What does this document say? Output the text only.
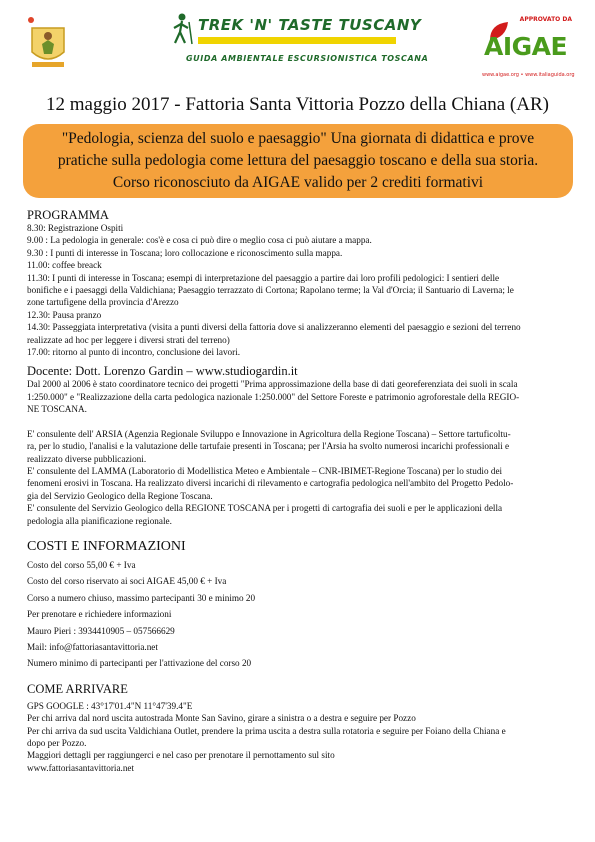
TREK 'N' TASTE TUSCANY
GUIDA AMBIENTALE ESCURSIONISTICA TOSCANA
APPROVATO DA
AIGAE
www.aigae.org • www.italiaguida.org
12 maggio 2017 - Fattoria Santa Vittoria Pozzo della Chiana (AR)
"Pedologia, scienza del suolo e paesaggio" Una giornata di didattica e prove
pratiche sulla pedologia come lettura del paesaggio toscano e della sua storia.
Corso riconosciuto da AIGAE valido per 2 crediti formativi

PROGRAMMA

8.30: Registrazione Ospiti

9.00 : La pedologia in generale: cos'è e cosa ci può dire o meglio cosa ci può aiutare a mappa.

9.30 : I punti di interesse in Toscana; loro collocazione e riconoscimento sulla mappa.

11.00: coffee breack

11.30: I punti di interesse in Toscana; esempi di interpretazione del paesaggio a partire dai loro profili pedologici: I sentieri delle

bonifiche e i paesaggi della Valdichiana; Paesaggio terrazzato di Cortona; Rapolano terme; la Val d'Orcia; il Santuario di Laverna; le

zone tartufigene della provincia d'Arezzo

12.30: Pausa pranzo

14.30: Passeggiata interpretativa (visita a punti diversi della fattoria dove si analizzeranno elementi del paesaggio e sezioni del terreno

realizzate ad hoc per leggere i diversi strati del terreno)

17.00: ritorno al punto di incontro, conclusione dei lavori.

Docente: Dott. Lorenzo Gardin – www.studiogardin.it

Dal 2000 al 2006 è stato coordinatore tecnico dei progetti "Prima approssimazione della base di dati georeferenziata dei suoli in scala

1:250.000" e "Realizzazione della carta pedologica nazionale 1:250.000" del Settore Foreste e patrimonio agroforestale della REGIO-

NE TOSCANA.

E' consulente dell' ARSIA (Agenzia Regionale Sviluppo e Innovazione in Agricoltura della Regione Toscana) – Settore tartuficoltu-

ra, per lo studio, l'analisi e la valutazione delle tartufaie presenti in Toscana; per l'Arsia ha svolto numerosi incarichi professionali e

realizzato diverse pubblicazioni.

E' consulente del LAMMA (Laboratorio di Modellistica Meteo e Ambientale – CNR-IBIMET-Regione Toscana) per lo studio dei

fenomeni erosivi in Toscana. Ha realizzato diversi incarichi di rilevamento e cartografia pedologica nell'ambito del Progetto Pedolo-

gia del Servizio Geologico della Regione Toscana.

E' consulente del Servizio Geologico della REGIONE TOSCANA per i progetti di cartografia dei suoli e per le applicazioni della

pedologia alla pianificazione regionale.

COSTI E INFORMAZIONI

Costo del corso 55,00 € + Iva

Costo del corso riservato ai soci AIGAE 45,00 € + Iva

Corso a numero chiuso, massimo partecipanti 30 e minimo 20

Per prenotare e richiedere informazioni

Mauro Pieri : 3934410905 – 057566629

Mail: info@fattoriasantavittoria.net

Numero minimo di partecipanti per l'attivazione del corso 20

COME ARRIVARE

GPS GOOGLE : 43°17'01.4"N 11°47'39.4"E

Per chi arriva dal nord uscita autostrada Monte San Savino, girare a sinistra o a destra e seguire per Pozzo

Per chi arriva da sud uscita Valdichiana Outlet, prendere la prima uscita a destra sulla rotatoria e seguire per Foiano della Chiana e

dopo per Pozzo.

Maggiori dettagli per raggiungerci e nel caso per prenotare il pernottamento sul sito

www.fattoriasantavittoria.net
